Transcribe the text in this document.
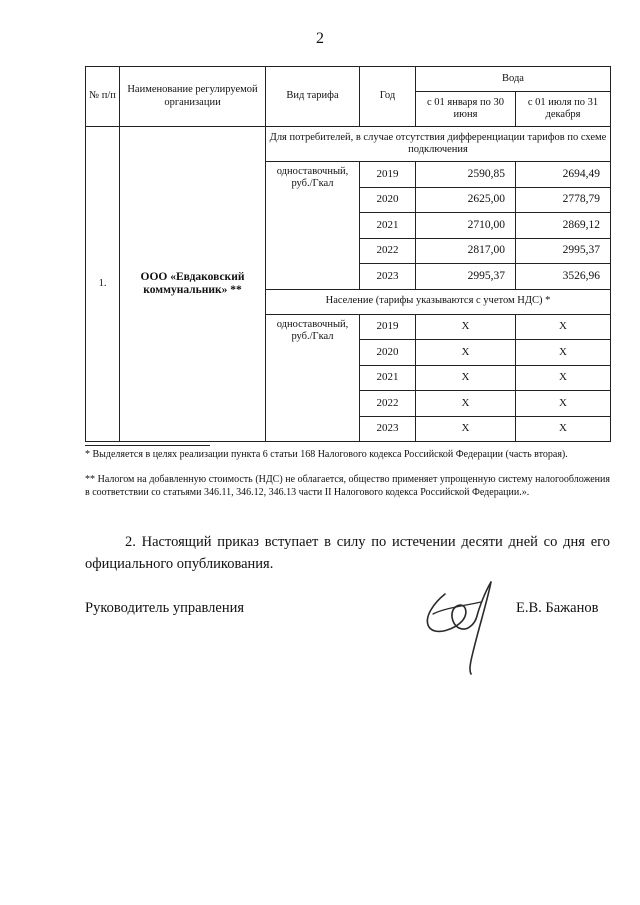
2
№ п/п	Наименование регулируемой организации	Вид тарифа	Год	Вода	
				с 01 января по 30 июня	с 01 июля по 31 декабря
1.	ООО «Евдаковский коммунальник» **	Для потребителей, в случае отсутствия дифференциации тарифов по схеме подключения			
		одноставочный, руб./Гкал	2019	2590,85	2694,49
			2020	2625,00	2778,79
			2021	2710,00	2869,12
			2022	2817,00	2995,37
			2023	2995,37	3526,96
		Население (тарифы указываются с учетом НДС) *			
		одноставочный, руб./Гкал	2019	X	X
			2020	X	X
			2021	X	X
			2022	X	X
			2023	X	X
* Выделяется в целях реализации пункта 6 статьи 168 Налогового кодекса Российской Федерации (часть вторая).
** Налогом на добавленную стоимость (НДС) не облагается, общество применяет упрощенную систему налогообложения в соответствии со статьями 346.11, 346.12, 346.13 части II Налогового кодекса Российской Федерации.».
2. Настоящий приказ вступает в силу по истечении десяти дней со дня его официального опубликования.
Руководитель управления	Е.В. Бажанов
